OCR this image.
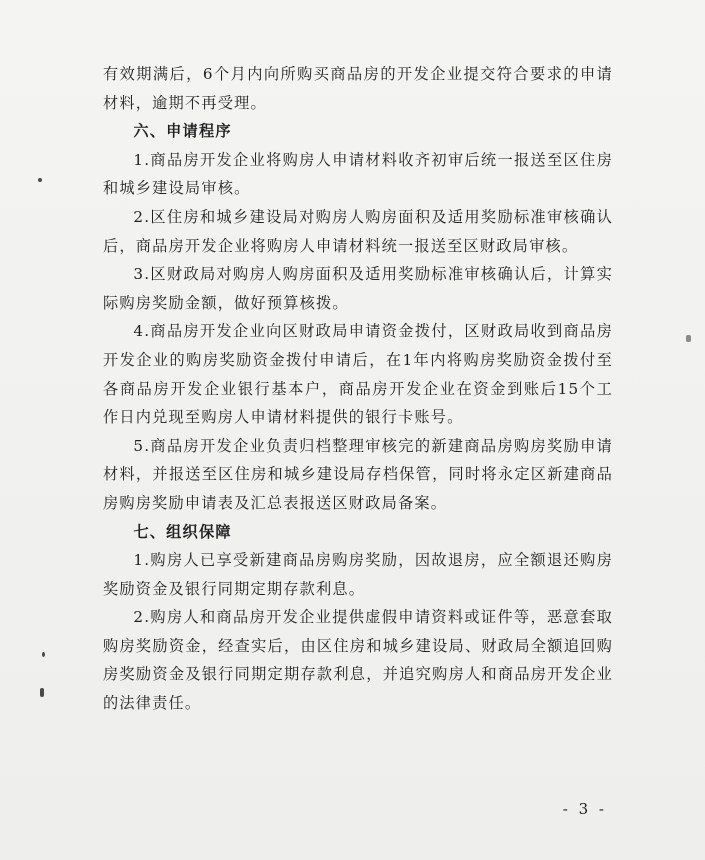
有效期满后，6个月内向所购买商品房的开发企业提交符合要求的申请材料，逾期不再受理。

六、申请程序

1.商品房开发企业将购房人申请材料收齐初审后统一报送至区住房和城乡建设局审核。

2.区住房和城乡建设局对购房人购房面积及适用奖励标准审核确认后，商品房开发企业将购房人申请材料统一报送至区财政局审核。

3.区财政局对购房人购房面积及适用奖励标准审核确认后，计算实际购房奖励金额，做好预算核拨。

4.商品房开发企业向区财政局申请资金拨付，区财政局收到商品房开发企业的购房奖励资金拨付申请后，在1年内将购房奖励资金拨付至各商品房开发企业银行基本户，商品房开发企业在资金到账后15个工作日内兑现至购房人申请材料提供的银行卡账号。

5.商品房开发企业负责归档整理审核完的新建商品房购房奖励申请材料，并报送至区住房和城乡建设局存档保管，同时将永定区新建商品房购房奖励申请表及汇总表报送区财政局备案。

七、组织保障

1.购房人已享受新建商品房购房奖励，因故退房，应全额退还购房奖励资金及银行同期定期存款利息。

2.购房人和商品房开发企业提供虚假申请资料或证件等，恶意套取购房奖励资金，经查实后，由区住房和城乡建设局、财政局全额追回购房奖励资金及银行同期定期存款利息，并追究购房人和商品房开发企业的法律责任。

- 3 -
